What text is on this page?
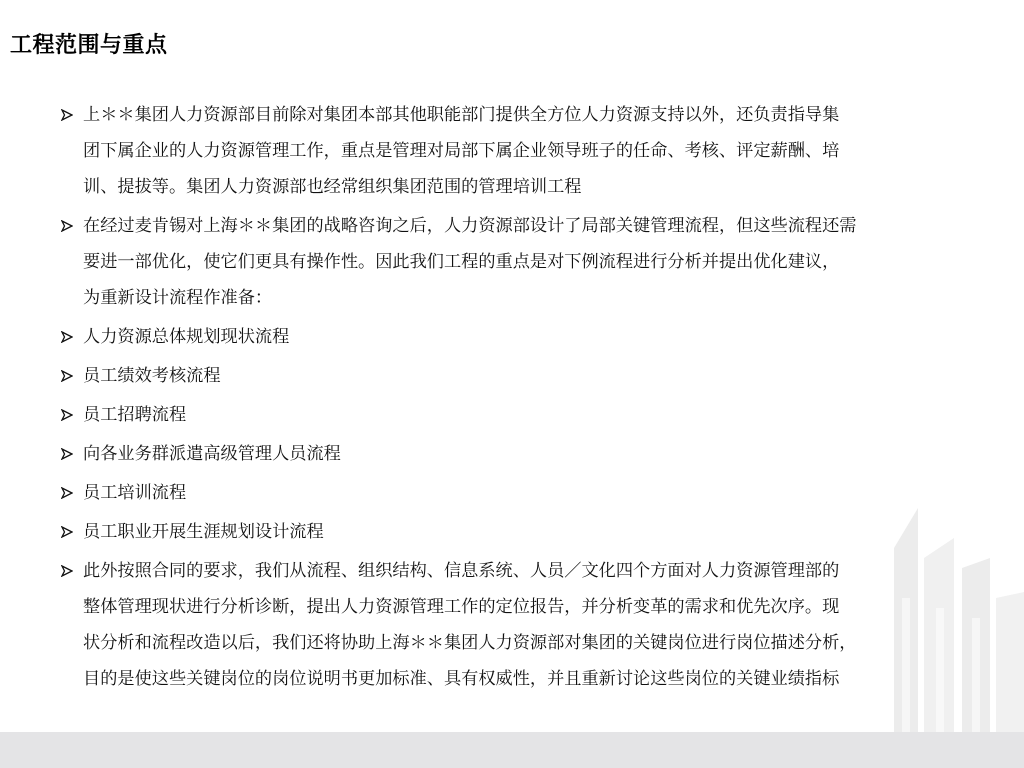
工程范围与重点
上＊＊集团人力资源部目前除对集团本部其他职能部门提供全方位人力资源支持以外，还负责指导集
团下属企业的人力资源管理工作，重点是管理对局部下属企业领导班子的任命、考核、评定薪酬、培
训、提拔等。集团人力资源部也经常组织集团范围的管理培训工程
在经过麦肯锡对上海＊＊集团的战略咨询之后，人力资源部设计了局部关键管理流程，但这些流程还需
要进一部优化，使它们更具有操作性。因此我们工程的重点是对下例流程进行分析并提出优化建议，
为重新设计流程作准备：
人力资源总体规划现状流程
员工绩效考核流程
员工招聘流程
向各业务群派遣高级管理人员流程
员工培训流程
员工职业开展生涯规划设计流程
此外按照合同的要求，我们从流程、组织结构、信息系统、人员／文化四个方面对人力资源管理部的
整体管理现状进行分析诊断，提出人力资源管理工作的定位报告，并分析变革的需求和优先次序。现
状分析和流程改造以后，我们还将协助上海＊＊集团人力资源部对集团的关键岗位进行岗位描述分析，
目的是使这些关键岗位的岗位说明书更加标准、具有权威性，并且重新讨论这些岗位的关键业绩指标
